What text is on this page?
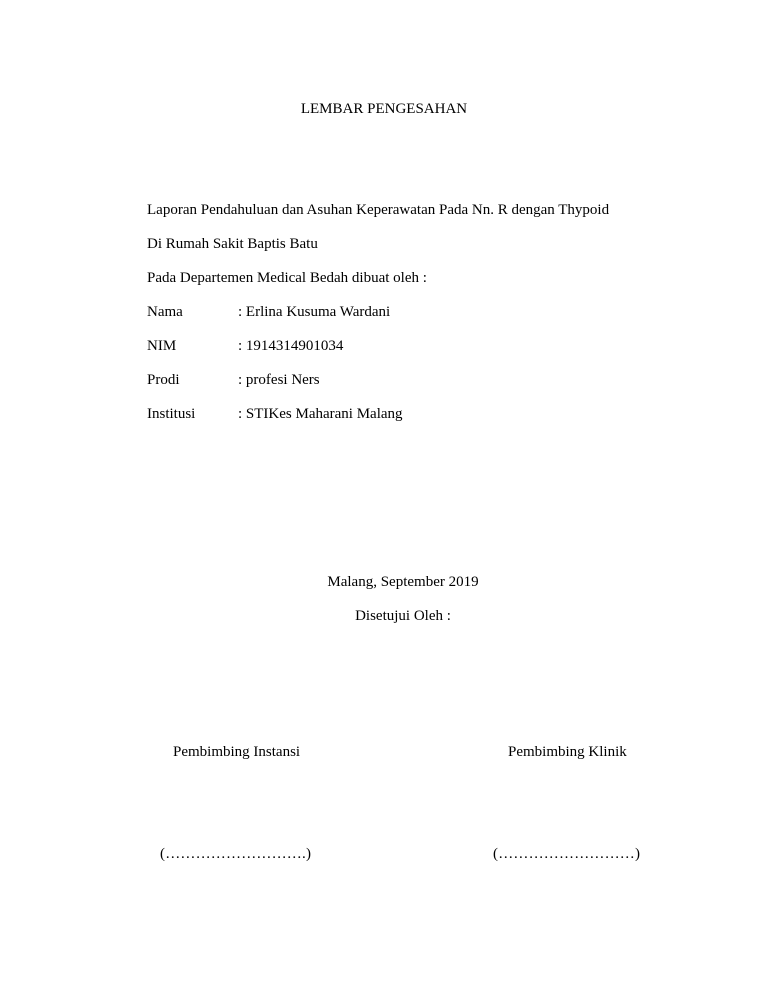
LEMBAR PENGESAHAN
Laporan Pendahuluan dan Asuhan Keperawatan Pada Nn. R dengan Thypoid
Di Rumah Sakit Baptis Batu
Pada Departemen Medical Bedah dibuat oleh :
Nama	: Erlina Kusuma Wardani
NIM	: 1914314901034
Prodi	: profesi Ners
Institusi	: STIKes Maharani Malang
Malang, September 2019
Disetujui Oleh :
Pembimbing Instansi	Pembimbing Klinik
(……………………….)	(………………………)
